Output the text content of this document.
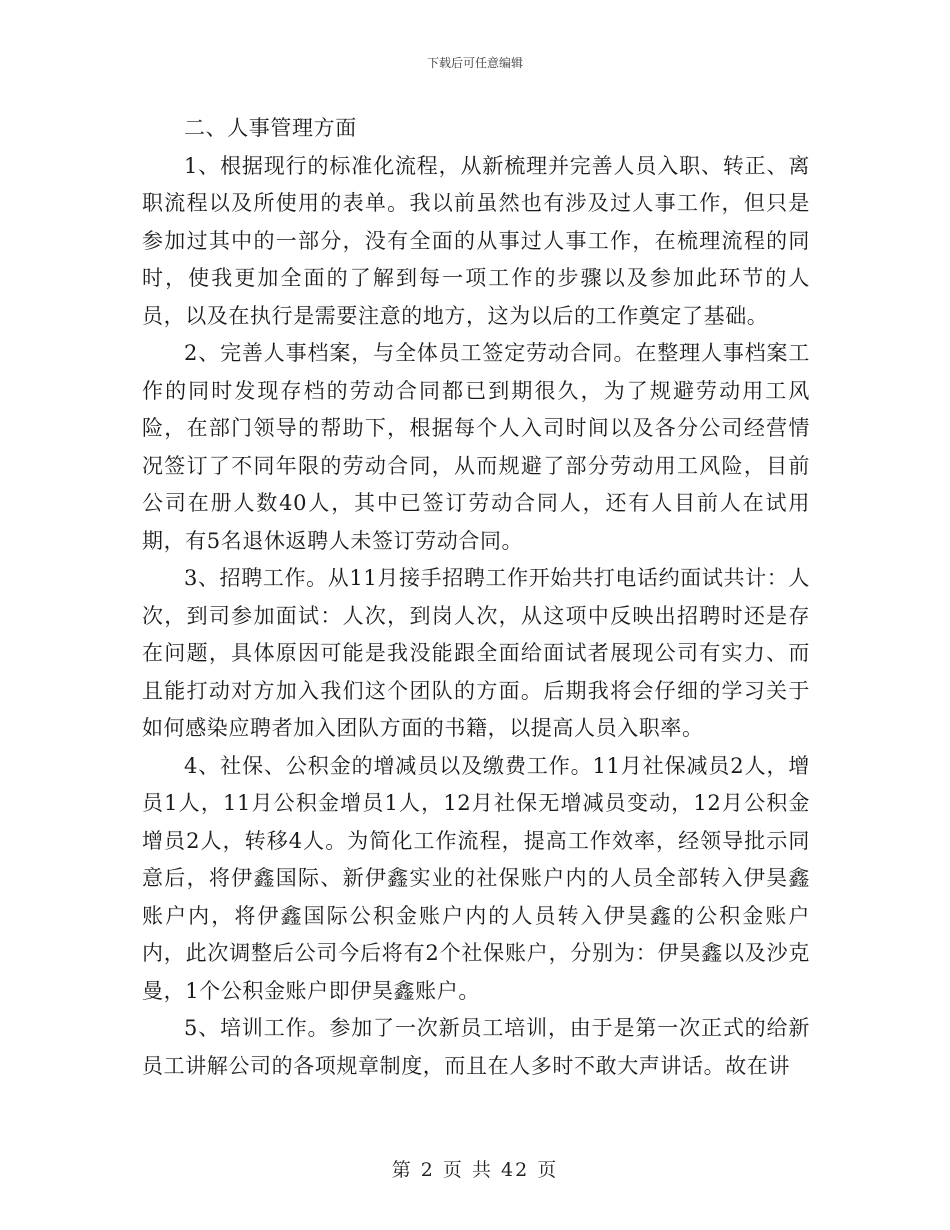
下载后可任意编辑

二、人事管理方面

1、根据现行的标准化流程，从新梳理并完善人员入职、转正、离职流程以及所使用的表单。我以前虽然也有涉及过人事工作，但只是参加过其中的一部分，没有全面的从事过人事工作，在梳理流程的同时，使我更加全面的了解到每一项工作的步骤以及参加此环节的人员，以及在执行是需要注意的地方，这为以后的工作奠定了基础。

2、完善人事档案，与全体员工签定劳动合同。在整理人事档案工作的同时发现存档的劳动合同都已到期很久，为了规避劳动用工风险，在部门领导的帮助下，根据每个人入司时间以及各分公司经营情况签订了不同年限的劳动合同，从而规避了部分劳动用工风险，目前公司在册人数40人，其中已签订劳动合同人，还有人目前人在试用期，有5名退休返聘人未签订劳动合同。

3、招聘工作。从11月接手招聘工作开始共打电话约面试共计：人次，到司参加面试：人次，到岗人次，从这项中反映出招聘时还是存在问题，具体原因可能是我没能跟全面给面试者展现公司有实力、而且能打动对方加入我们这个团队的方面。后期我将会仔细的学习关于如何感染应聘者加入团队方面的书籍，以提高人员入职率。

4、社保、公积金的增减员以及缴费工作。11月社保减员2人，增员1人，11月公积金增员1人，12月社保无增减员变动，12月公积金增员2人，转移4人。为简化工作流程，提高工作效率，经领导批示同意后，将伊鑫国际、新伊鑫实业的社保账户内的人员全部转入伊昊鑫账户内，将伊鑫国际公积金账户内的人员转入伊昊鑫的公积金账户内，此次调整后公司今后将有2个社保账户，分别为：伊昊鑫以及沙克曼，1个公积金账户即伊昊鑫账户。

5、培训工作。参加了一次新员工培训，由于是第一次正式的给新员工讲解公司的各项规章制度，而且在人多时不敢大声讲话。故在讲

第 2 页 共 42 页
